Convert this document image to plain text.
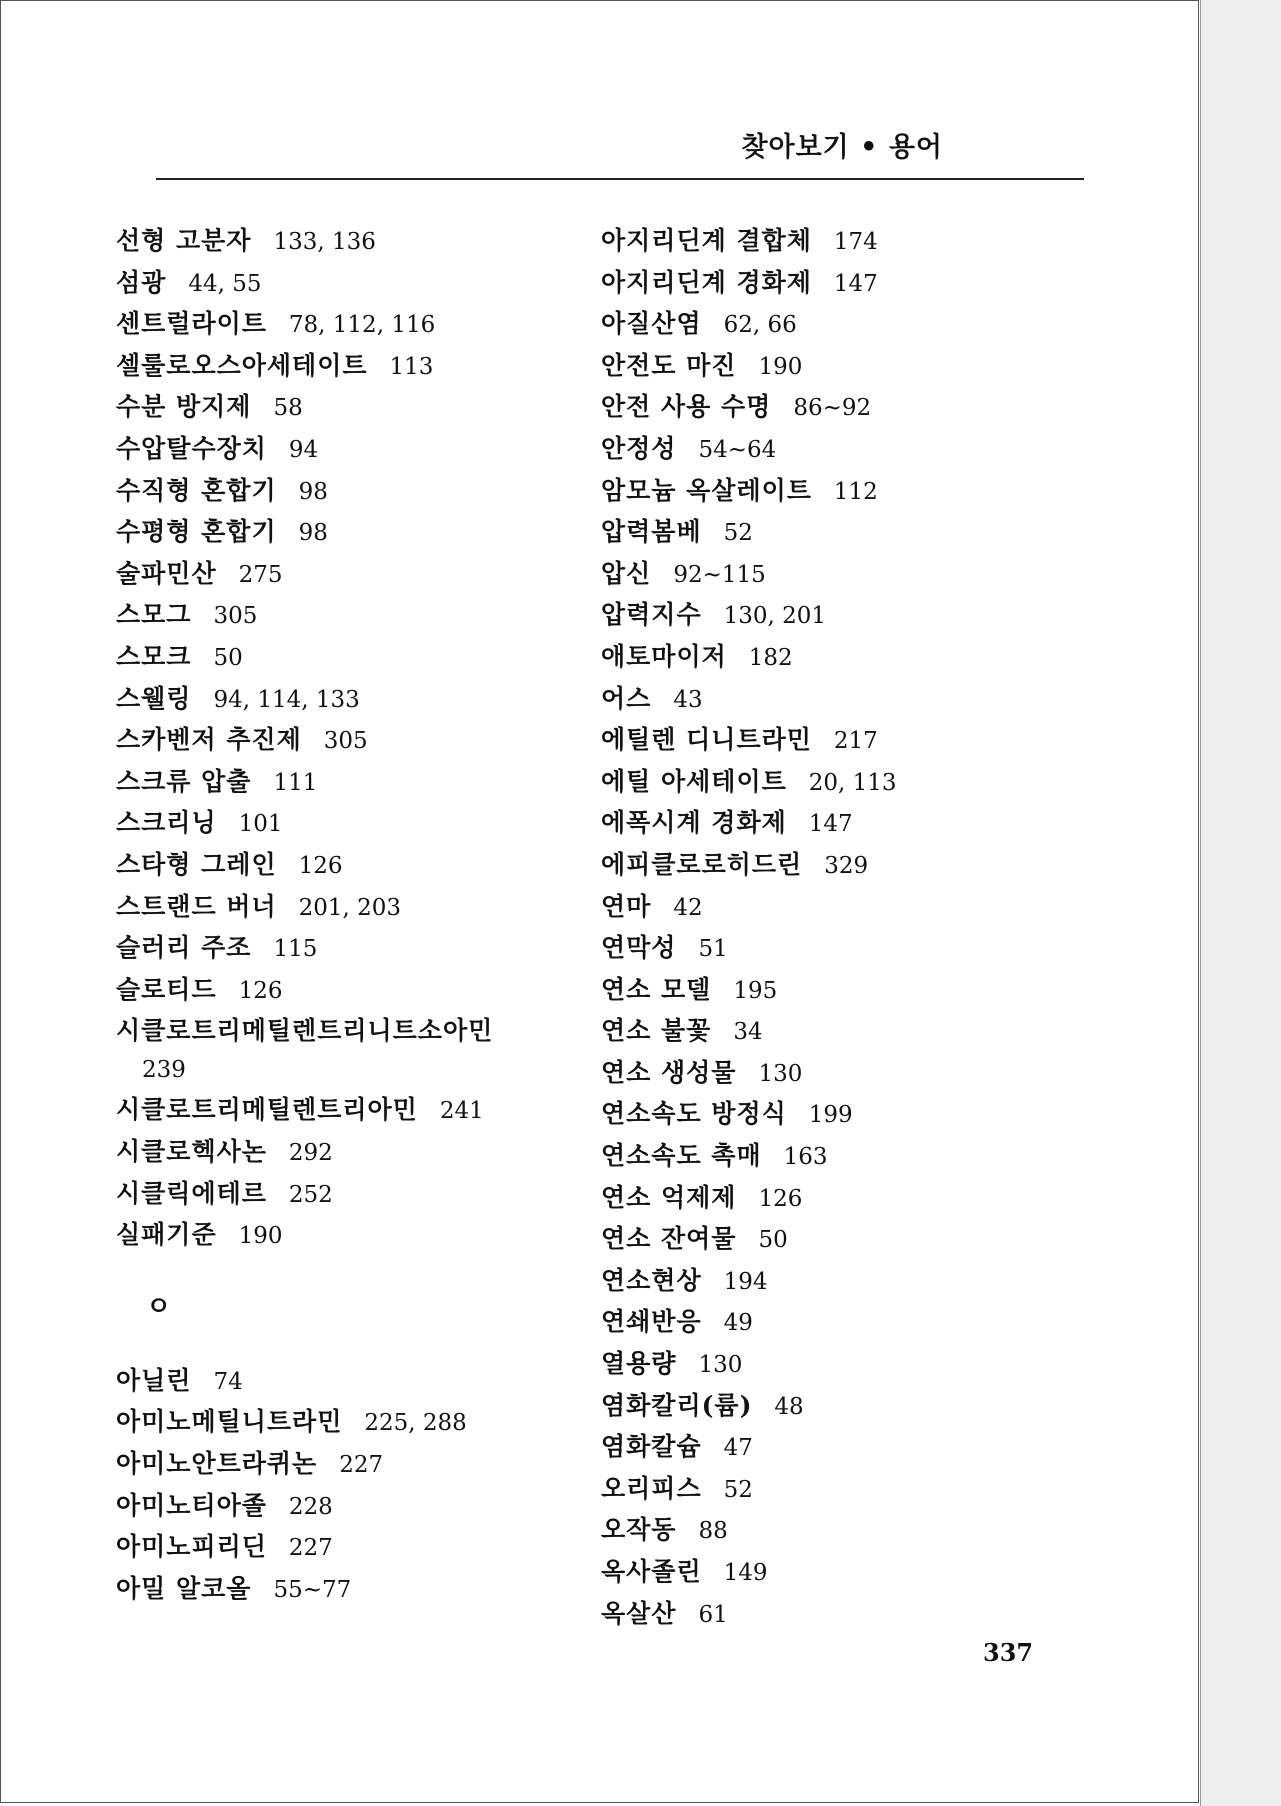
찾아보기 • 용어
선형 고분자 133, 136
섬광 44, 55
센트럴라이트 78, 112, 116
셀룰로오스아세테이트 113
수분 방지제 58
수압탈수장치 94
수직형 혼합기 98
수평형 혼합기 98
술파민산 275
스모그 305
스모크 50
스웰링 94, 114, 133
스카벤저 추진제 305
스크류 압출 111
스크리닝 101
스타형 그레인 126
스트랜드 버너 201, 203
슬러리 주조 115
슬로티드 126
시클로트리메틸렌트리니트소아민
239
시클로트리메틸렌트리아민 241
시클로헥사논 292
시클릭에테르 252
실패기준 190
ㅇ
아닐린 74
아미노메틸니트라민 225, 288
아미노안트라퀴논 227
아미노티아졸 228
아미노피리딘 227
아밀 알코올 55~77
아지리딘계 결합체 174
아지리딘계 경화제 147
아질산염 62, 66
안전도 마진 190
안전 사용 수명 86~92
안정성 54~64
암모늄 옥살레이트 112
압력봄베 52
압신 92~115
압력지수 130, 201
애토마이저 182
어스 43
에틸렌 디니트라민 217
에틸 아세테이트 20, 113
에폭시계 경화제 147
에피클로로히드린 329
연마 42
연막성 51
연소 모델 195
연소 불꽃 34
연소 생성물 130
연소속도 방정식 199
연소속도 촉매 163
연소 억제제 126
연소 잔여물 50
연소현상 194
연쇄반응 49
열용량 130
염화칼리(륨) 48
염화칼슘 47
오리피스 52
오작동 88
옥사졸린 149
옥살산 61
337
